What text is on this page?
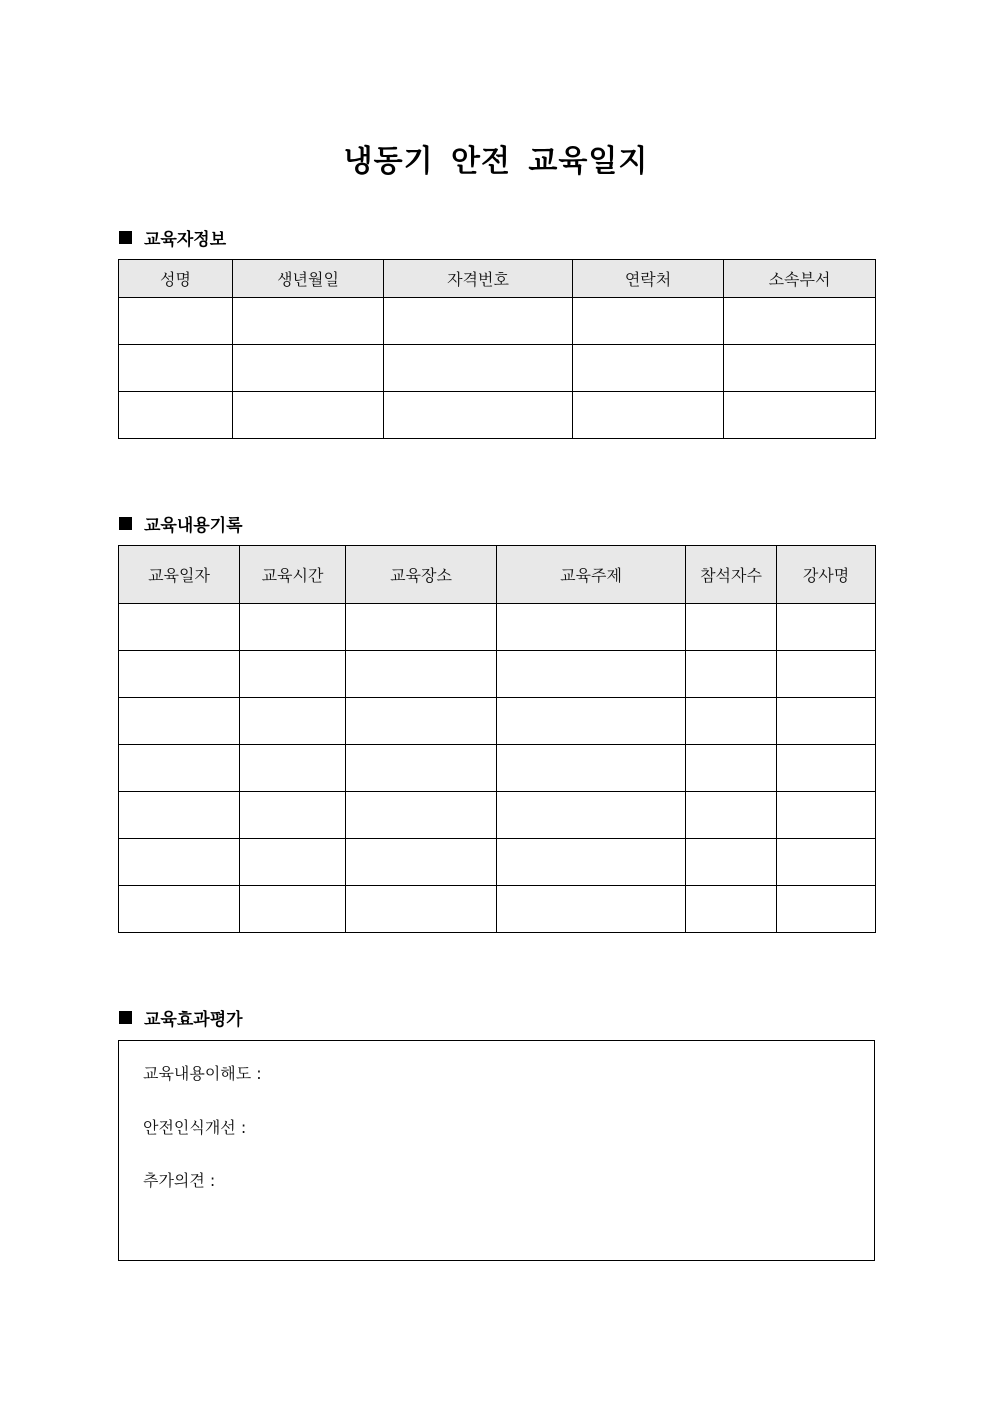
냉동기 안전 교육일지
교육자정보
성명	생년월일	자격번호	연락처	소속부서

교육내용기록
교육일자	교육시간	교육장소	교육주제	참석자수	강사명

교육효과평가
교육내용이해도 :
안전인식개선 :
추가의견 :
